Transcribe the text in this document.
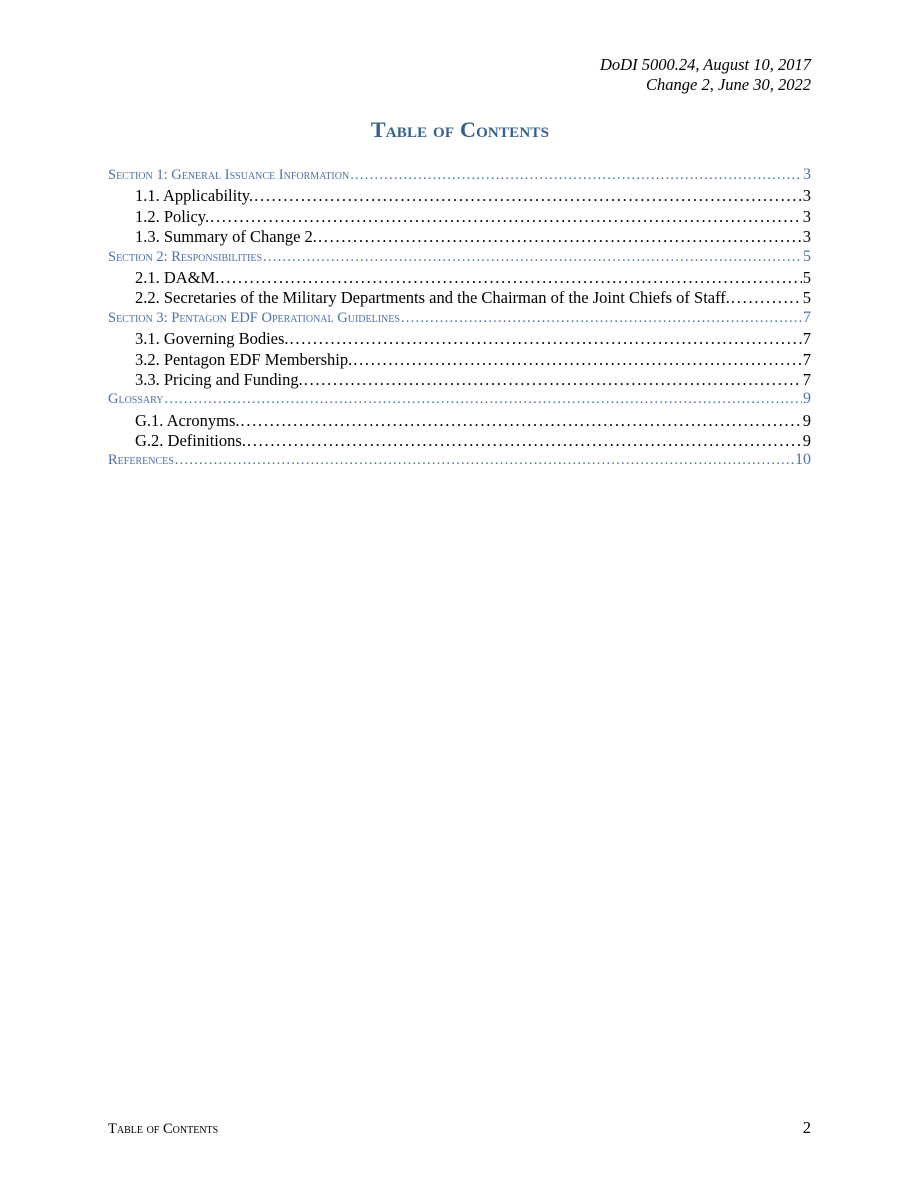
DoDI 5000.24, August 10, 2017
Change 2, June 30, 2022
Table of Contents
Section 1: General Issuance Information . . .	3
1.1. Applicability. . . .	3
1.2. Policy. . . .	3
1.3. Summary of Change 2. . . .	3
Section 2: Responsibilities . . .	5
2.1. DA&M. . . .	5
2.2. Secretaries of the Military Departments and the Chairman of the Joint Chiefs of Staff. . . .	5
Section 3: Pentagon EDF Operational Guidelines . . .	7
3.1. Governing Bodies. . . .	7
3.2. Pentagon EDF Membership. . . .	7
3.3. Pricing and Funding. . . .	7
Glossary . . .	9
G.1. Acronyms. . . .	9
G.2. Definitions. . . .	9
References . . .	10
Table of Contents	2
